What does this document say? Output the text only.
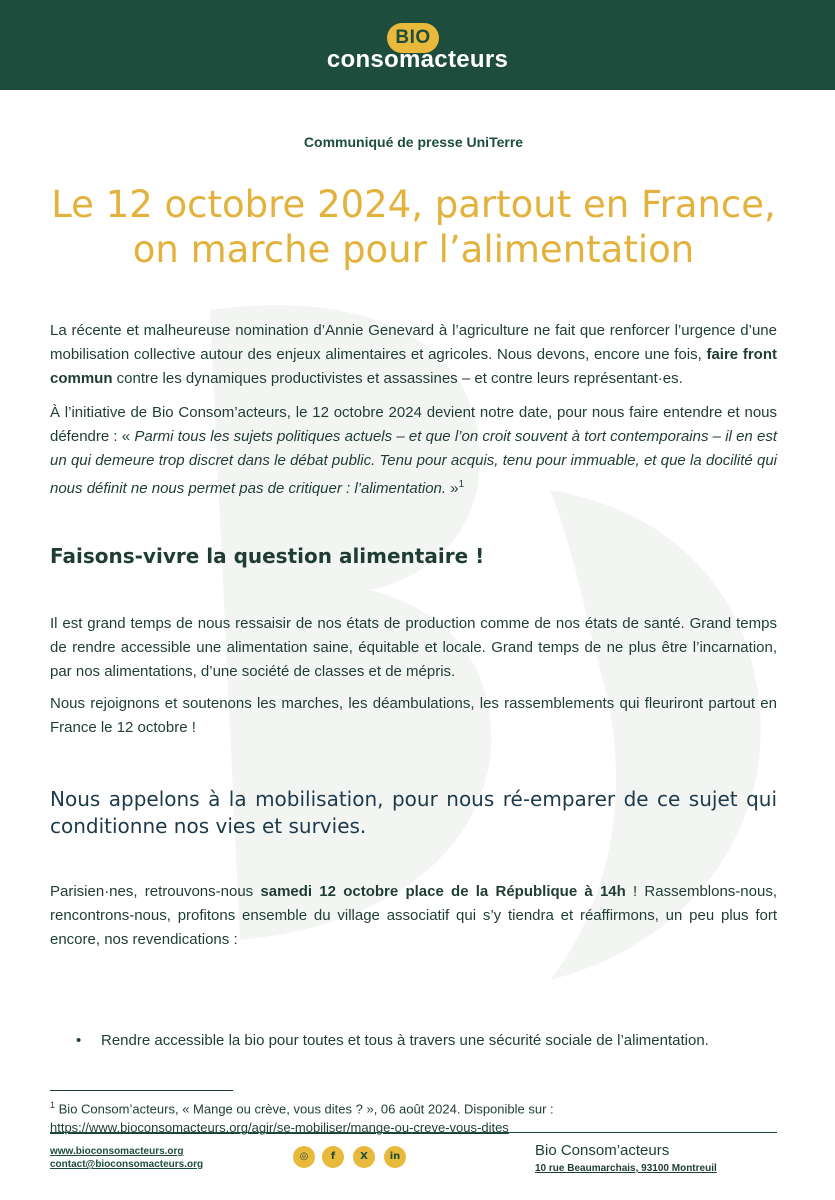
BIO
consomacteurs
Communiqué de presse UniTerre
Le 12 octobre 2024, partout en France,
on marche pour l’alimentation

La récente et malheureuse nomination d’Annie Genevard à l’agriculture ne fait que renforcer l’urgence d’une mobilisation collective autour des enjeux alimentaires et agricoles. Nous devons, encore une fois, faire front commun contre les dynamiques productivistes et assassines – et contre leurs représentant·es.

À l’initiative de Bio Consom’acteurs, le 12 octobre 2024 devient notre date, pour nous faire entendre et nous défendre : « Parmi tous les sujets politiques actuels – et que l’on croit souvent à tort contemporains – il en est un qui demeure trop discret dans le débat public. Tenu pour acquis, tenu pour immuable, et que la docilité qui nous définit ne nous permet pas de critiquer : l’alimentation. »$^1$

Faisons-vivre la question alimentaire !

Il est grand temps de nous ressaisir de nos états de production comme de nos états de santé. Grand temps de rendre accessible une alimentation saine, équitable et locale. Grand temps de ne plus être l’incarnation, par nos alimentations, d’une société de classes et de mépris.

Nous rejoignons et soutenons les marches, les déambulations, les rassemblements qui fleuriront partout en France le 12 octobre !

Nous appelons à la mobilisation, pour nous ré-emparer de ce sujet qui conditionne nos vies et survies.

Parisien·nes, retrouvons-nous samedi 12 octobre place de la République à 14h ! Rassemblons-nous, rencontrons-nous, profitons ensemble du village associatif qui s’y tiendra et réaffirmons, un peu plus fort encore, nos revendications :

• Rendre accessible la bio pour toutes et tous à travers une sécurité sociale de l’alimentation.
$^1$ Bio Consom’acteurs, « Mange ou crève, vous dites ? », 06 août 2024. Disponible sur :
https://www.bioconsomacteurs.org/agir/se-mobiliser/mange-ou-creve-vous-dites
www.bioconsomacteurs.org
contact@bioconsomacteurs.org
◎	f	X	in	Bio Consom’acteurs
10 rue Beaumarchais, 93100 Montreuil
